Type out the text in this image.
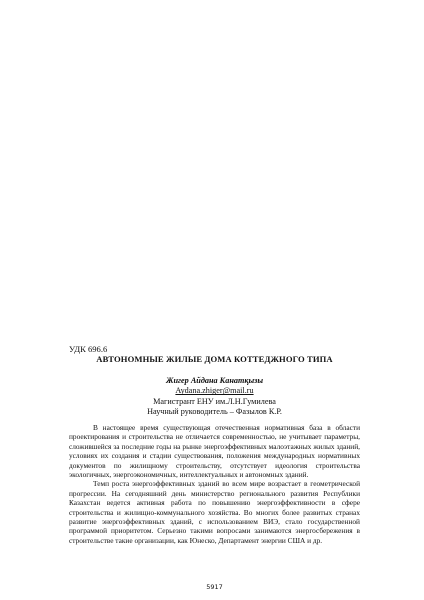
УДК 696.6
АВТОНОМНЫЕ ЖИЛЫЕ ДОМА КОТТЕДЖНОГО ТИПА
Жигер Айдана Канатқызы
Aydana.zhiger@mail.ru
Магистрант ЕНУ им.Л.Н.Гумилева
Научный руководитель – Фазылов К.Р.

В настоящее время существующая отечественная нормативная база в области проектирования и строительства не отличается современностью, не учитывает параметры, сложившейся за последние годы на рынке энергоэффективных малоэтажных жилых зданий, условиях их создания и стадии существования, положения международных нормативных документов по жилищному строительству, отсутствует идеология строительства экологичных, энергоэкономичных, интеллектуальных и автономных зданий.

Темп роста энергоэффективных зданий во всем мире возрастает в геометрической прогрессии. На сегодняшний день министерство регионального развития Республики Казахстан ведется активная работа по повышению энергоэффективности в сфере строительства и жилищно-коммунального хозяйства. Во многих более развитых странах развитие энергоэффективных зданий, с использованием ВИЭ, стало государственной программой приоритетом. Серьезно такими вопросами занимаются энергосбережения в строительстве такие организации, как Юнеско, Департамент энергии США и др.

5917
